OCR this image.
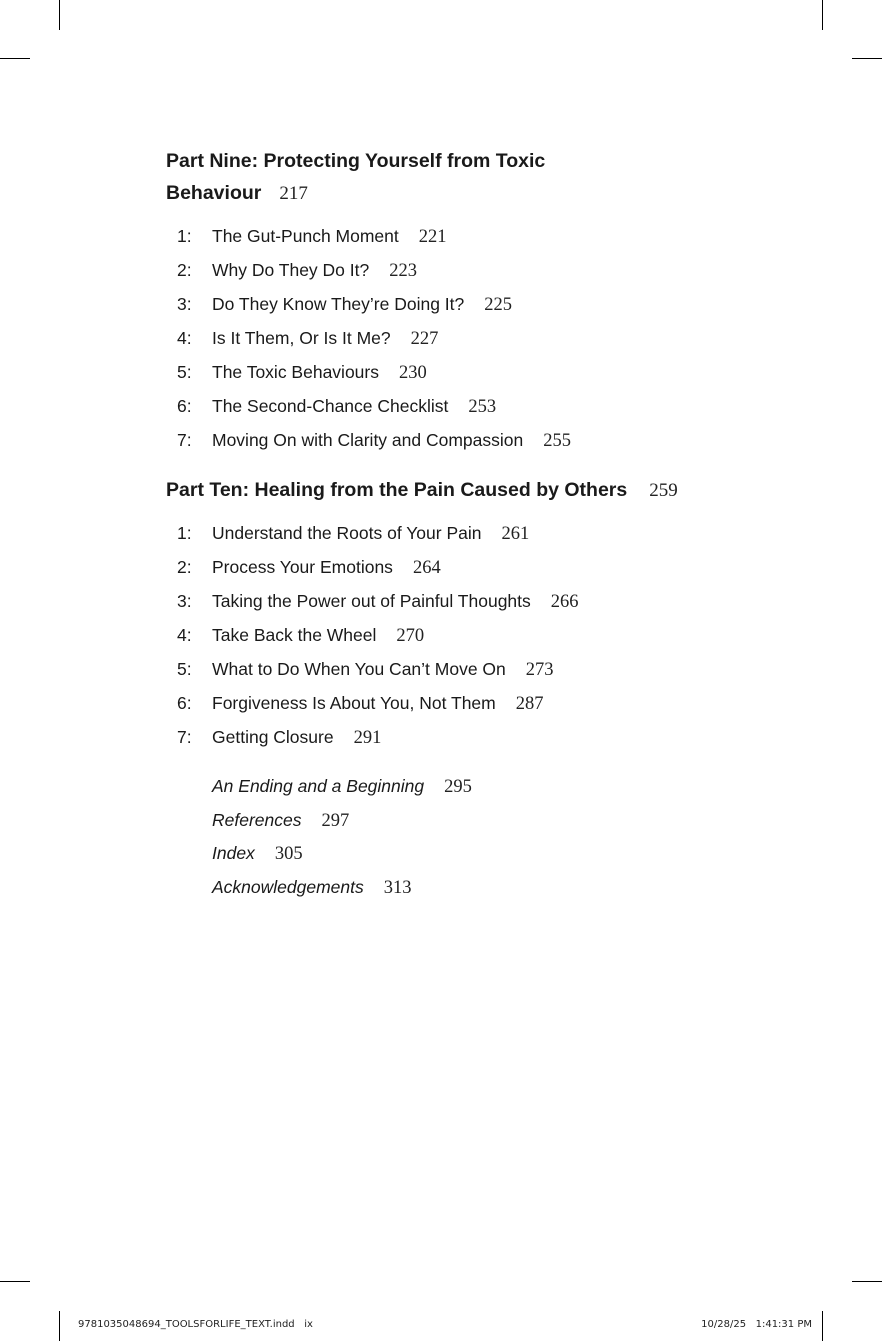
Part Nine: Protecting Yourself from Toxic
Behaviour 217
1:	The Gut-Punch Moment 221
2:	Why Do They Do It? 223
3:	Do They Know They’re Doing It? 225
4:	Is It Them, Or Is It Me? 227
5:	The Toxic Behaviours 230
6:	The Second-Chance Checklist 253
7:	Moving On with Clarity and Compassion 255
Part Ten: Healing from the Pain Caused by Others 259
1:	Understand the Roots of Your Pain 261
2:	Process Your Emotions 264
3:	Taking the Power out of Painful Thoughts 266
4:	Take Back the Wheel 270
5:	What to Do When You Can’t Move On 273
6:	Forgiveness Is About You, Not Them 287
7:	Getting Closure 291
An Ending and a Beginning 295
References 297
Index 305
Acknowledgements 313
9781035048694_TOOLSFORLIFE_TEXT.indd   ix	10/28/25   1:41:31 PM
